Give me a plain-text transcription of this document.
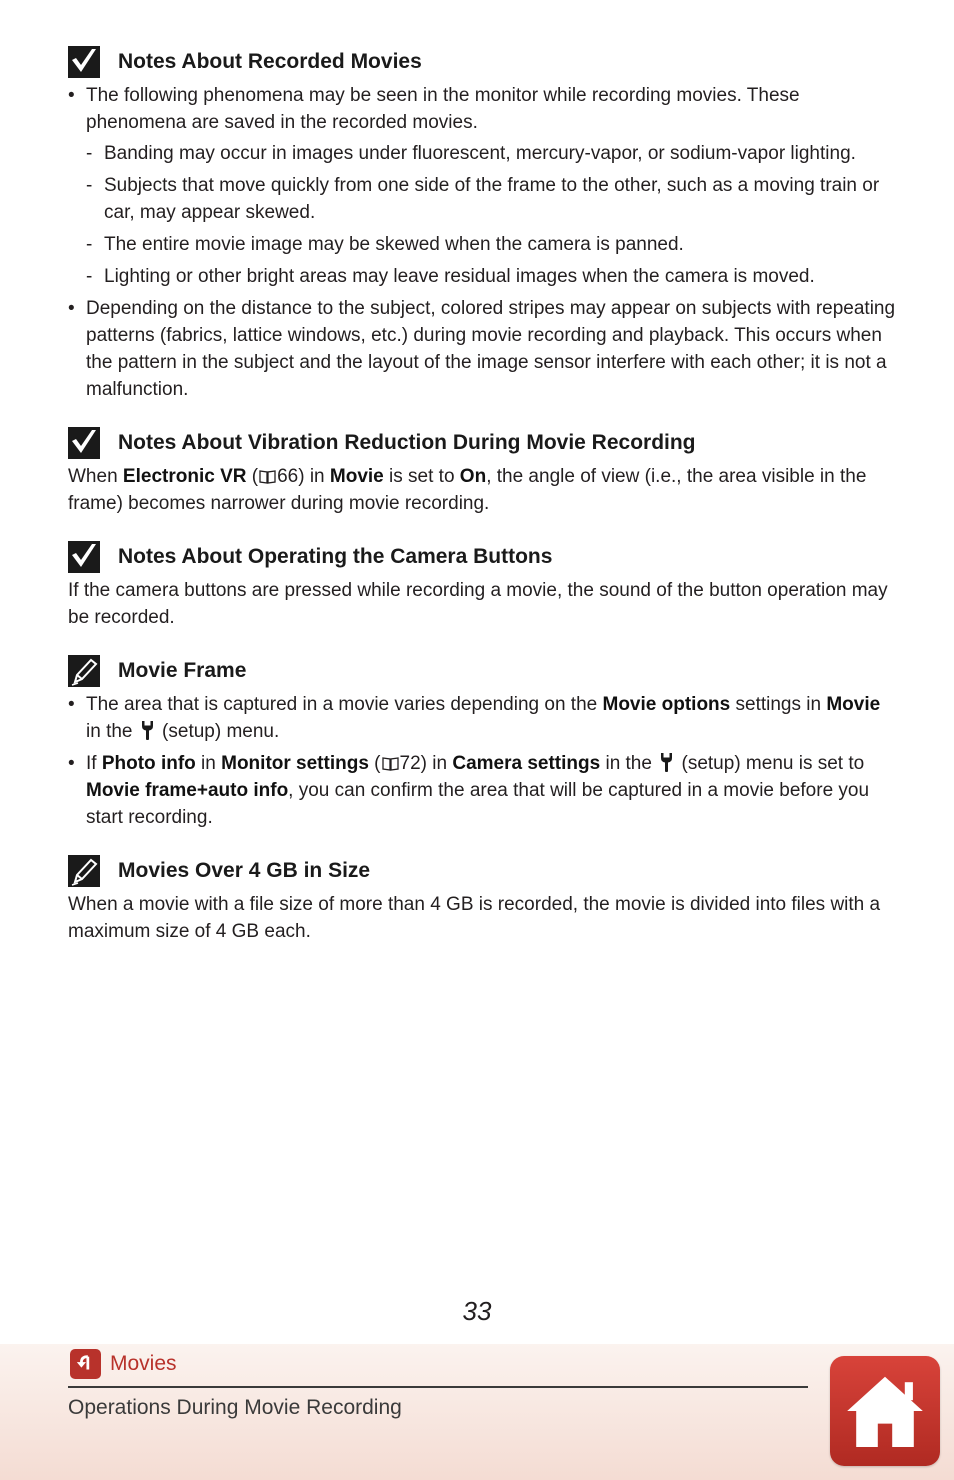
Notes About Recorded Movies
• The following phenomena may be seen in the monitor while recording movies. These phenomena are saved in the recorded movies.
- Banding may occur in images under fluorescent, mercury-vapor, or sodium-vapor lighting.
- Subjects that move quickly from one side of the frame to the other, such as a moving train or car, may appear skewed.
- The entire movie image may be skewed when the camera is panned.
- Lighting or other bright areas may leave residual images when the camera is moved.
• Depending on the distance to the subject, colored stripes may appear on subjects with repeating patterns (fabrics, lattice windows, etc.) during movie recording and playback. This occurs when the pattern in the subject and the layout of the image sensor interfere with each other; it is not a malfunction.
Notes About Vibration Reduction During Movie Recording

When Electronic VR ( 66) in Movie is set to On, the angle of view (i.e., the area visible in the frame) becomes narrower during movie recording.

Notes About Operating the Camera Buttons

If the camera buttons are pressed while recording a movie, the sound of the button operation may be recorded.

Movie Frame
• The area that is captured in a movie varies depending on the Movie options settings in Movie in the  (setup) menu.
• If Photo info in Monitor settings ( 72) in Camera settings in the  (setup) menu is set to Movie frame+auto info, you can confirm the area that will be captured in a movie before you start recording.
Movies Over 4 GB in Size

When a movie with a file size of more than 4 GB is recorded, the movie is divided into files with a maximum size of 4 GB each.

33
Movies
Operations During Movie Recording
